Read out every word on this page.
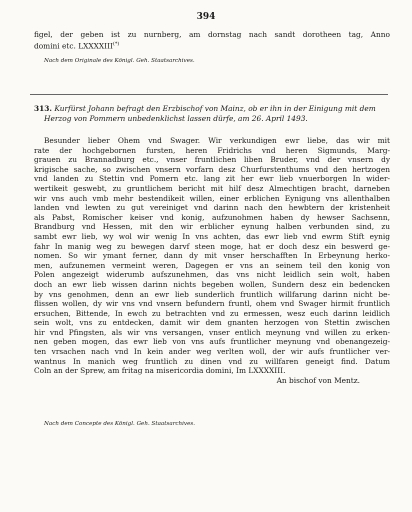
394
figel, der geben ist zu nurnberg, am dornstag nach sandt dorotheen tag, Anno
domini etc. LXXXXIII(*)
Nach dem Originale des Königl. Geh. Staatsarchives.
313. Kurfürst Johann befragt den Erzbischof von Mainz, ob er ihn in der Einigung mit dem
Herzog von Pommern unbedenklichst lassen dürfe, am 26. April 1493.
Besunder lieber Ohem vnd Swager. Wir verkundigen ewr liebe, das wir mit
rate der hochgebornen fursten, heren Fridrichs vnd heren Sigmunds, Marg-
grauen zu Brannadburg etc., vnser fruntlichen liben Bruder, vnd der vnsern dy
krigische sache, so zwischen vnsern vorfarn desz Churfurstenthums vnd den hertzogen
vnd landen zu Stettin vnd Pomern etc. lang zit her ewr lieb vnuerborgen In wider-
wertikeit geswebt, zu gruntlichem bericht mit hilf desz Almechtigen bracht, darneben
wir vns auch vmb mehr bestendikeit willen, einer erblichen Eynigung vns allenthalben
landen vnd lewten zu gut vereiniget vnd darinn nach den hewbtern der kristenheit
als Pabst, Romischer keiser vnd konig, aufzunohmen haben dy hewser Sachsenn,
Brandburg vnd Hessen, mit den wir erblicher eynung halben verbunden sind, zu
sambt ewr lieb, wy wol wir wenig In vns achten, das ewr lieb vnd ewrm Stift eynig
fahr In manig weg zu bewegen darvf steen moge, hat er doch desz ein beswerd ge-
nomen. So wir ymant ferner, dann dy mit vnser herschafften In Erbeynung herko-
men, aufzunemen vermeint weren, Dagegen er vns an seinem teil den konig von
Polen angezeigt widerumb aufszunehmen, das vns nicht leidlich sein wolt, haben
doch an ewr lieb wissen darinn nichts begeben wollen, Sundern desz ein bedencken
by vns genohmen, denn an ewr lieb sunderlich fruntlich willfarung darinn nicht be-
flissen wollen, dy wir vns vnd vnsern befundern fruntl, ohem vnd Swager hirmit fruntlich
ersuchen, Bittende, In ewch zu betrachten vnd zu ermessen, wesz euch darinn leidlich
sein wolt, vns zu entdecken, damit wir dem gnanten herzogen von Stettin zwischen
hir vnd Pfingsten, als wir vns versangen, vnser entlich meynung vnd willen zu erken-
nen geben mogen, das ewr lieb von vns aufs fruntlicher meynung vnd obenangezeig-
ten vrsachen nach vnd In kein ander weg verlten woll, der wir aufs fruntlicher ver-
wantnus In manich weg fruntlich zu dinen vnd zu willfaren geneigt find. Datum
Coln an der Sprew, am fritag na misericordia domini, Im LXXXXIII.
An bischof von Mentz.
Nach dem Concepte des Königl. Geh. Staatsarchives.
